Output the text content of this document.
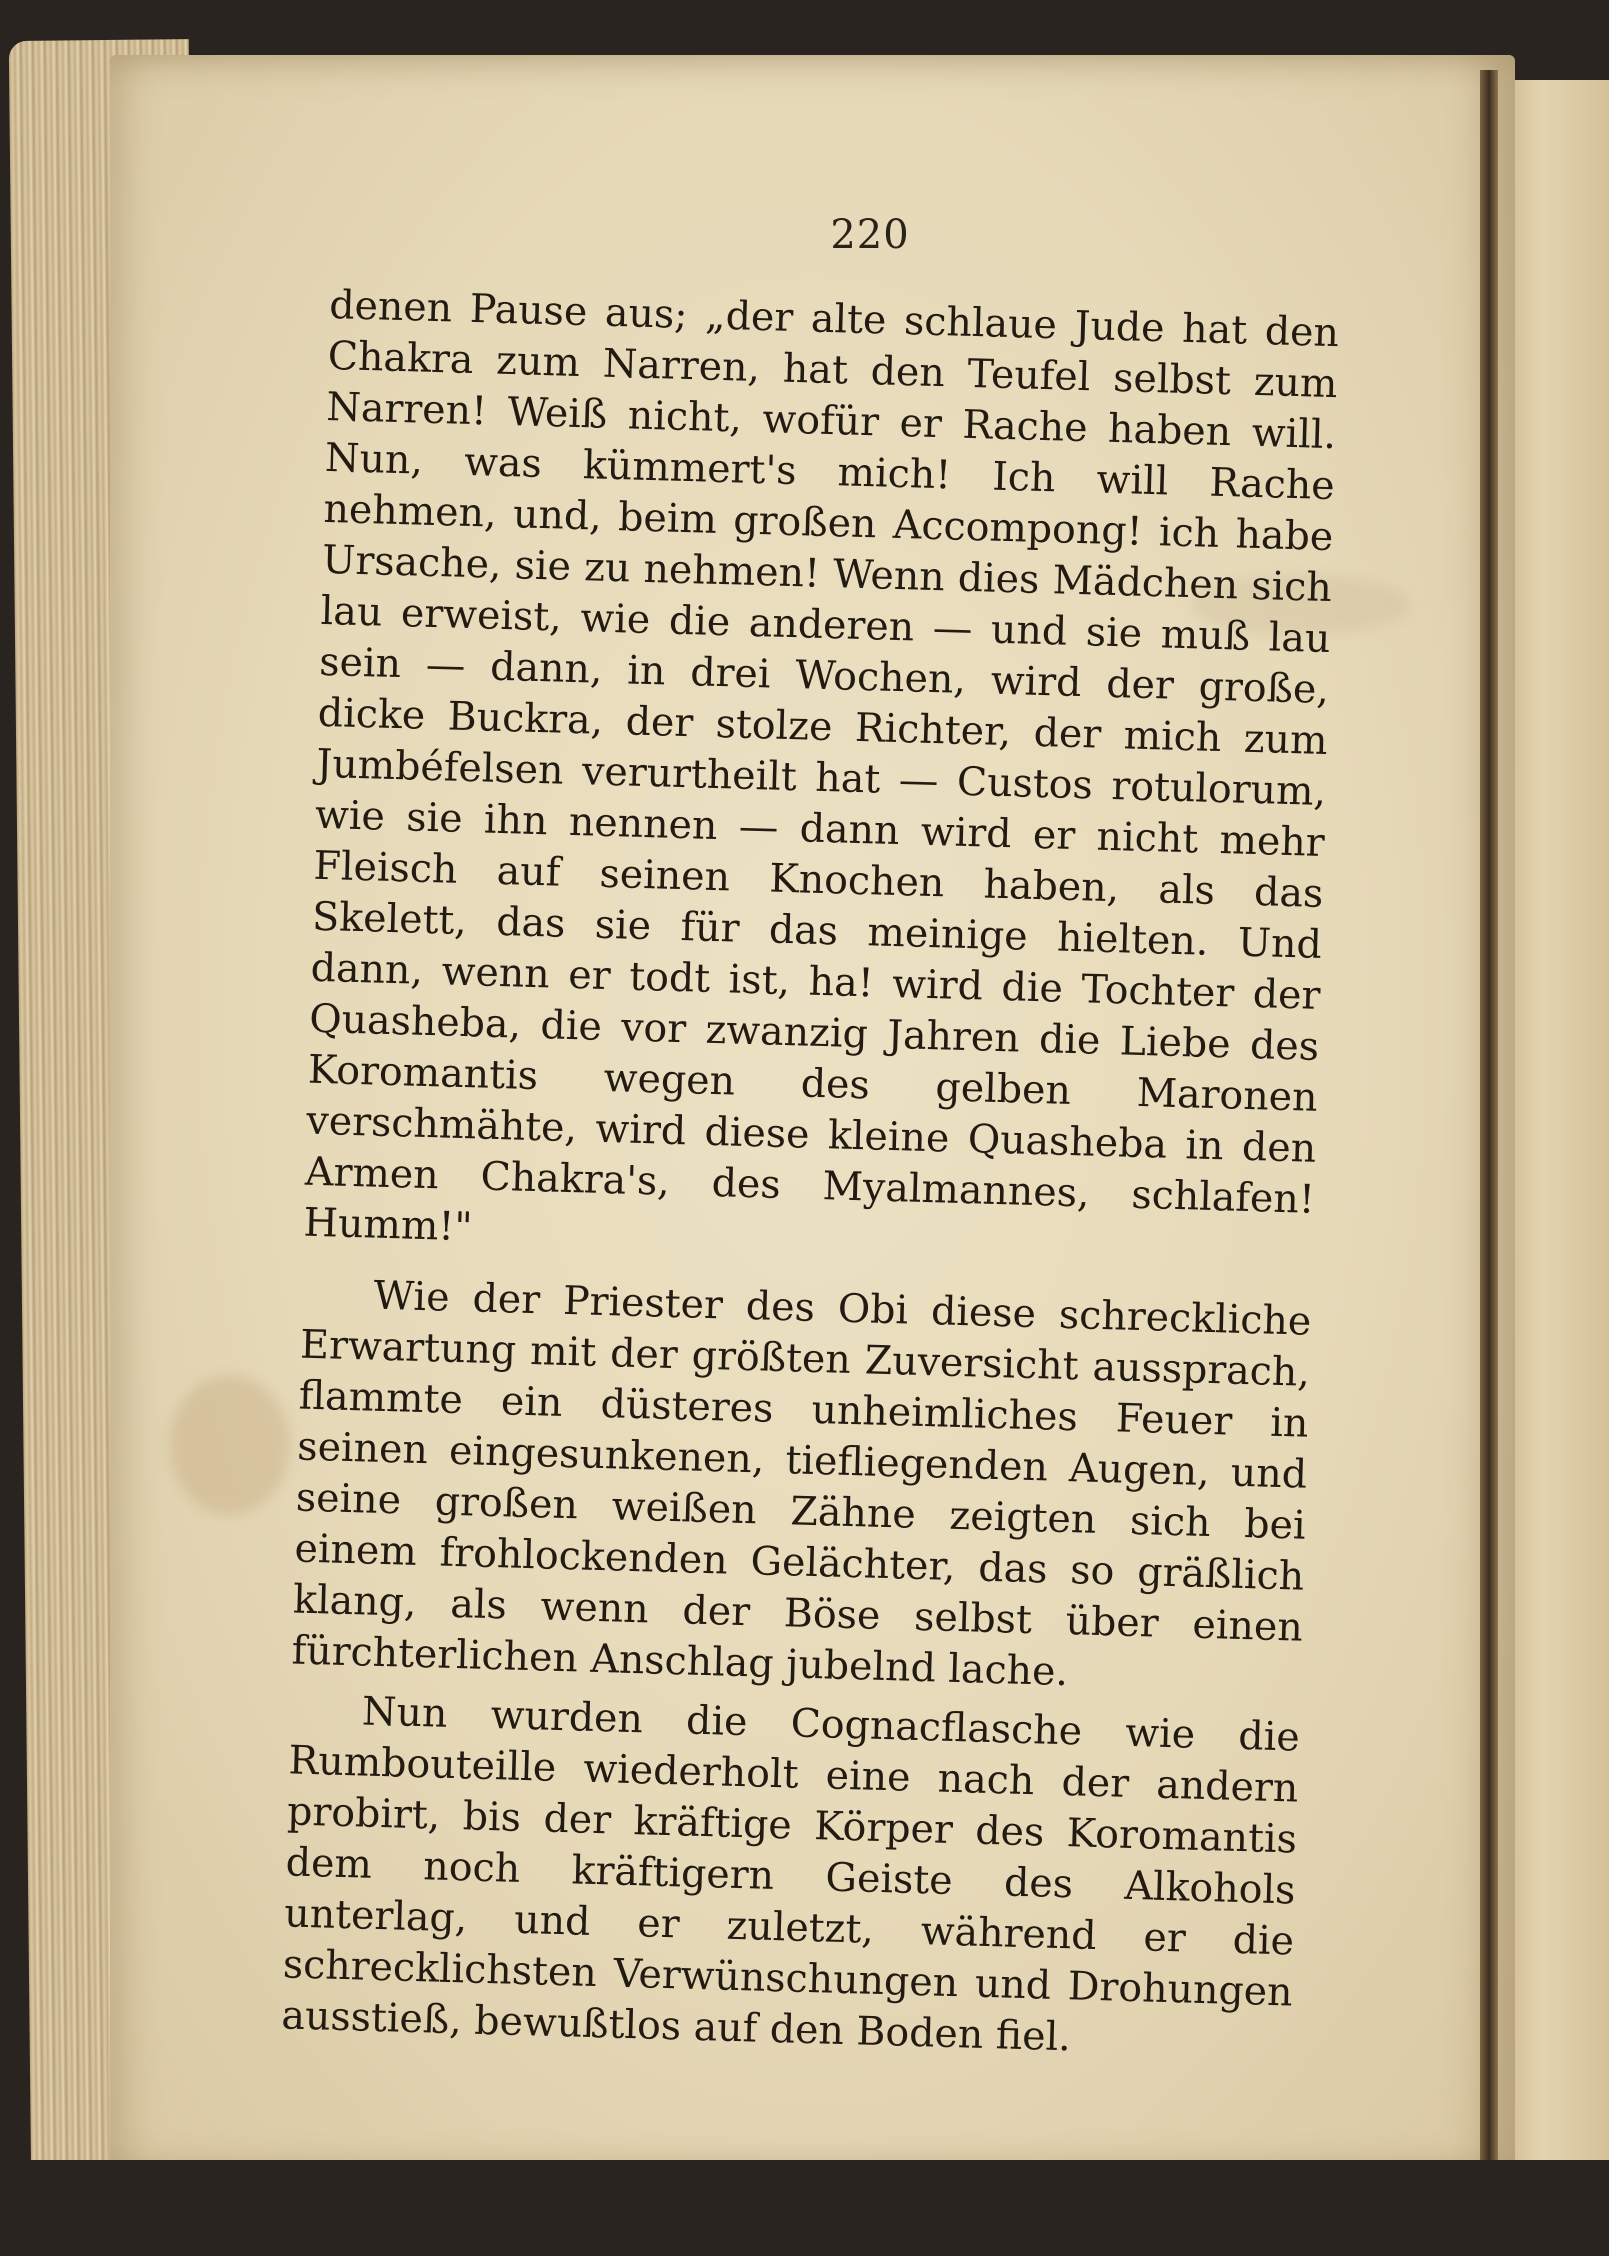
220

denen Pause aus; „der alte schlaue Jude hat den Chakra zum Narren, hat den Teufel selbst zum Narren! Weiß nicht, wofür er Rache haben will. Nun, was kümmert's mich! Ich will Rache nehmen, und, beim großen Accompong! ich habe Ursache, sie zu nehmen! Wenn dies Mädchen sich lau erweist, wie die anderen — und sie muß lau sein — dann, in drei Wochen, wird der große, dicke Buckra, der stolze Richter, der mich zum Jumbéfelsen verurtheilt hat — Custos rotulorum, wie sie ihn nennen — dann wird er nicht mehr Fleisch auf seinen Knochen haben, als das Skelett, das sie für das meinige hielten. Und dann, wenn er todt ist, ha! wird die Tochter der Quasheba, die vor zwanzig Jahren die Liebe des Koromantis wegen des gelben Maronen verschmähte, wird diese kleine Quasheba in den Armen Chakra's, des Myalmannes, schlafen! Humm!"

Wie der Priester des Obi diese schreckliche Erwartung mit der größten Zuversicht aussprach, flammte ein düsteres unheimliches Feuer in seinen eingesunkenen, tiefliegenden Augen, und seine großen weißen Zähne zeigten sich bei einem frohlockenden Gelächter, das so gräßlich klang, als wenn der Böse selbst über einen fürchterlichen Anschlag jubelnd lache.

Nun wurden die Cognacflasche wie die Rumbouteille wiederholt eine nach der andern probirt, bis der kräftige Körper des Koromantis dem noch kräftigern Geiste des Alkohols unterlag, und er zuletzt, während er die schrecklichsten Verwünschungen und Drohungen ausstieß, bewußtlos auf den Boden fiel.
